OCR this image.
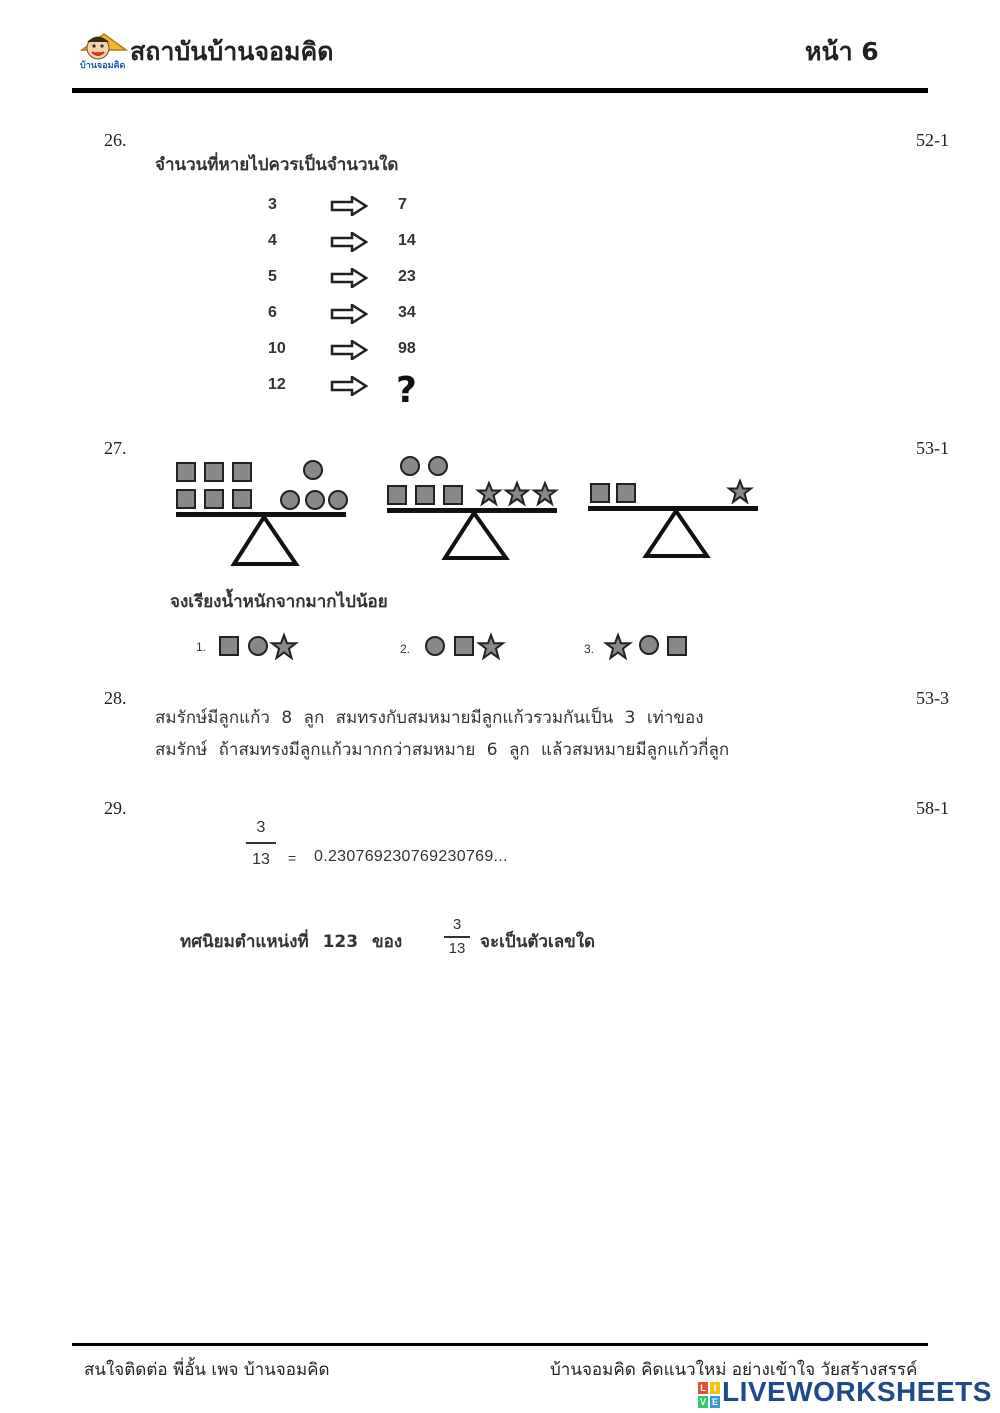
บ้านจอมคิด สถาบันบ้านจอมคิด	หน้า 6
26.	52-1
จำนวนที่หายไปควรเป็นจำนวนใด
3	7
4	14
5	23
6	34
10	98
12	?
27.	53-1
จงเรียงน้ำหนักจากมากไปน้อย
1.	2.	3.
28.	53-3
สมรักษ์มีลูกแก้ว 8 ลูก สมทรงกับสมหมายมีลูกแก้วรวมกันเป็น 3 เท่าของ
สมรักษ์ ถ้าสมทรงมีลูกแก้วมากกว่าสมหมาย 6 ลูก แล้วสมหมายมีลูกแก้วกี่ลูก
29.	58-1
3
13	= 0.230769230769230769...
ทศนิยมตำแหน่งที่ 123 ของ
3
13 จะเป็นตัวเลขใด
สนใจติดต่อ พี่อั้น เพจ บ้านจอมคิด	บ้านจอมคิด คิดแนวใหม่ อย่างเข้าใจ วัยสร้างสรรค์
L I
V E LIVEWORKSHEETS
